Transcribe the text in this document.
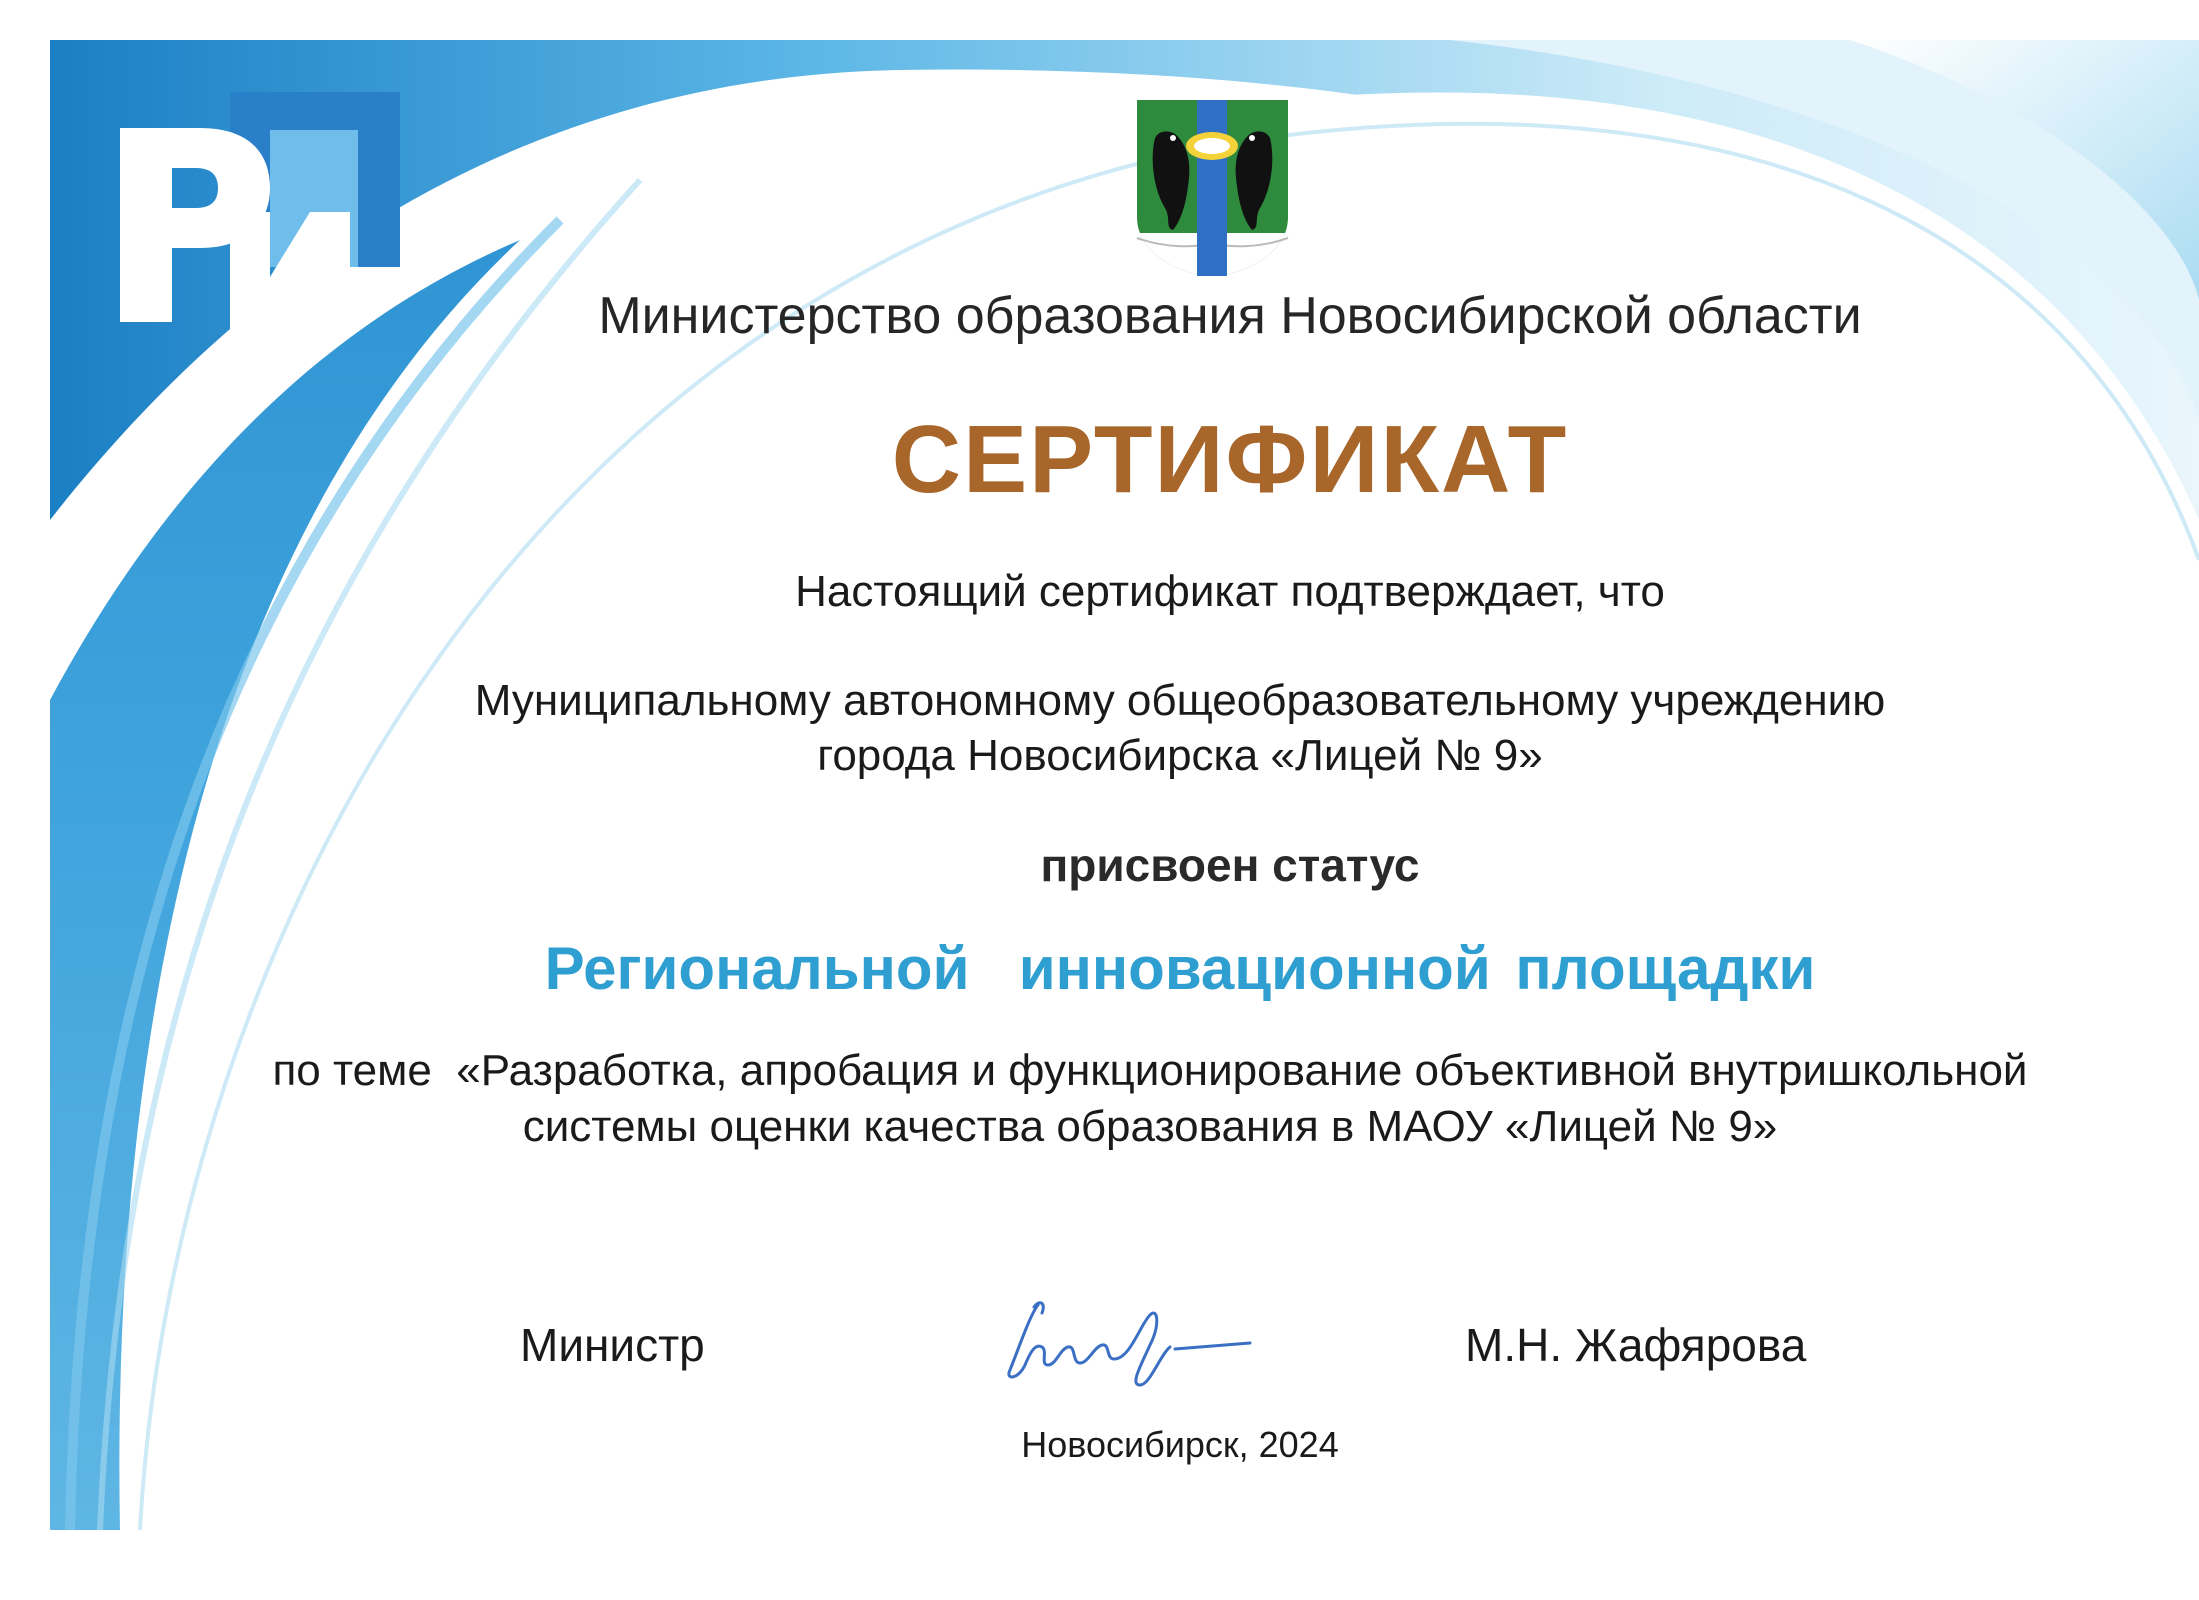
Министерство образования Новосибирской области
СЕРТИФИКАТ
Настоящий сертификат подтверждает, что
Муниципальному автономному общеобразовательному учреждению
города Новосибирска «Лицей № 9»
присвоен статус
Региональной  инновационной площадки
по теме  «Разработка, апробация и функционирование объективной внутришкольной
системы оценки качества образования в МАОУ «Лицей № 9»
Министр	М.Н. Жафярова
Новосибирск, 2024
